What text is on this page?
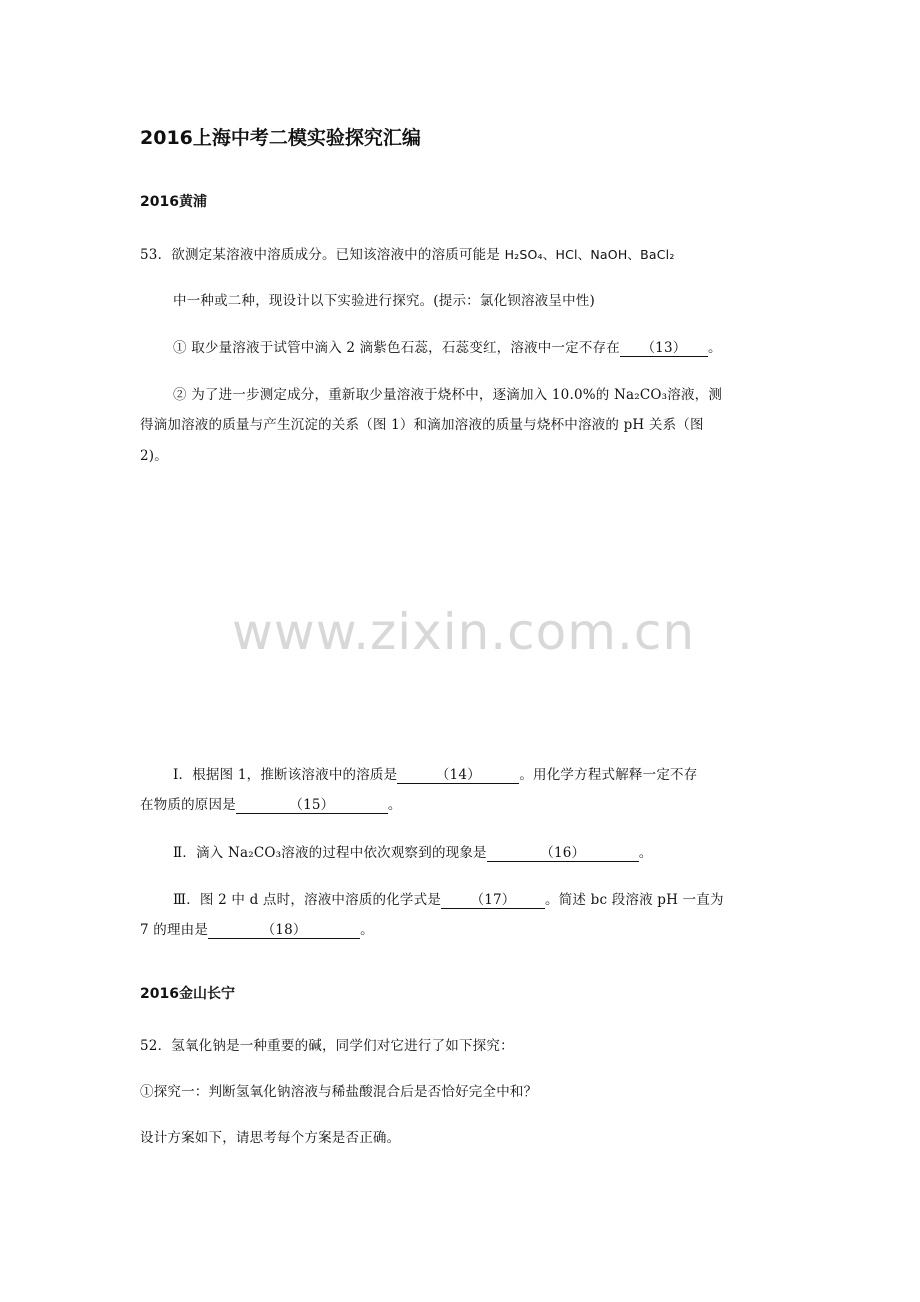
2016上海中考二模实验探究汇编
2016黄浦
53．欲测定某溶液中溶质成分。已知该溶液中的溶质可能是 H₂SO₄、HCl、NaOH、BaCl₂
中一种或二种，现设计以下实验进行探究。(提示：氯化钡溶液呈中性)
① 取少量溶液于试管中滴入 2 滴紫色石蕊，石蕊变红，溶液中一定不存在 （13） 。
② 为了进一步测定成分，重新取少量溶液于烧杯中，逐滴加入 10.0%的 Na₂CO₃溶液，测
得滴加溶液的质量与产生沉淀的关系（图 1）和滴加溶液的质量与烧杯中溶液的 pH 关系（图
2)。
www.zixin.com.cn
Ⅰ．根据图 1，推断该溶液中的溶质是	（14）	。用化学方程式解释一定不存
在物质的原因是	（15）	。
Ⅱ．滴入 Na₂CO₃溶液的过程中依次观察到的现象是	（16）	。
Ⅲ．图 2 中 d 点时，溶液中溶质的化学式是 （17） 。简述 bc 段溶液 pH 一直为
7 的理由是	（18）	。
2016金山长宁
52．氢氧化钠是一种重要的碱，同学们对它进行了如下探究：
①探究一：判断氢氧化钠溶液与稀盐酸混合后是否恰好完全中和？
设计方案如下，请思考每个方案是否正确。
